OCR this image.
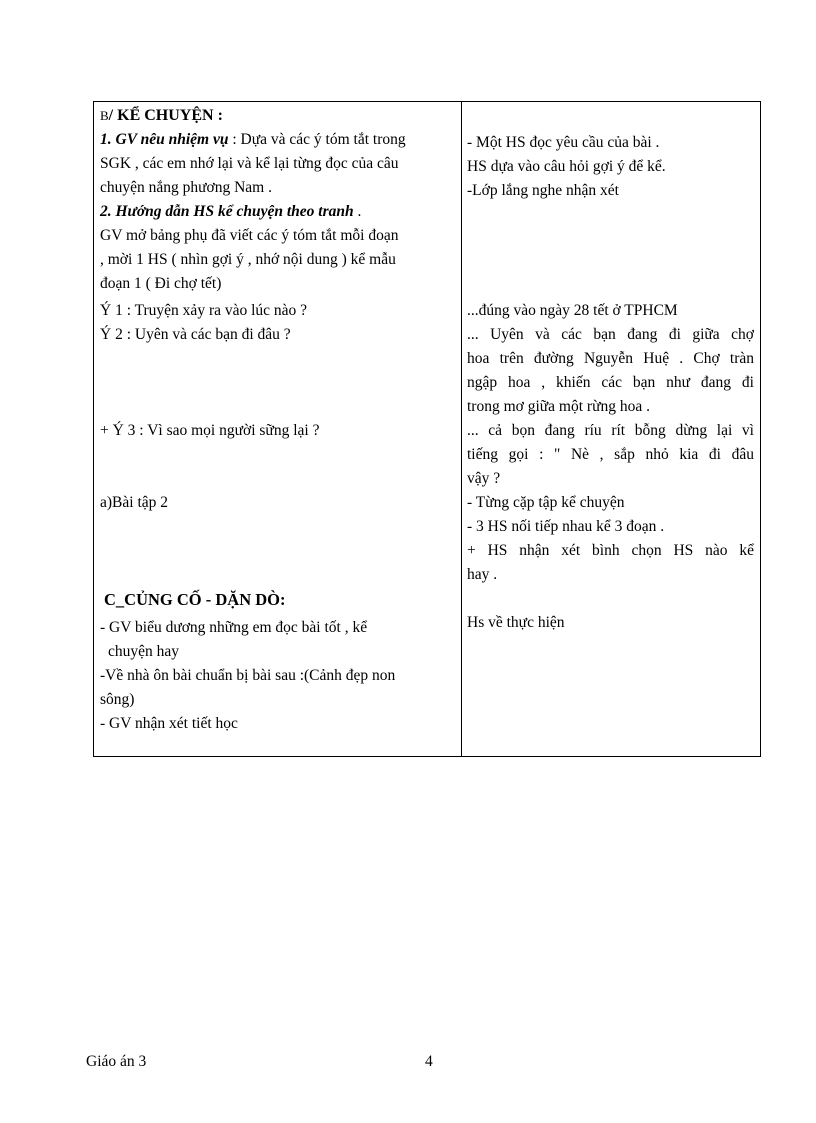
B/ KỂ CHUYỆN :
1. GV nêu nhiệm vụ : Dựa và các ý tóm tắt trong
SGK , các em nhớ lại và kể lại từng đọc của câu
chuyện nắng phương Nam .
2. Hướng dẫn HS kể chuyện theo tranh .
GV mở bảng phụ đã viết các ý tóm tắt mỗi đoạn
, mời 1 HS ( nhìn gợi ý , nhớ nội dung ) kể mẫu
đoạn 1 ( Đi chợ tết)
Ý 1 : Truyện xảy ra vào lúc nào ?
Ý 2 : Uyên và các bạn đi đâu ?
+ Ý 3 : Vì sao mọi người sững lại ?
a)Bài tập 2
C_CỦNG CỐ - DẶN DÒ:
- GV biểu dương những em đọc bài tốt , kể
chuyện hay
-Về nhà ôn bài chuẩn bị bài sau :(Cảnh đẹp non
sông)
- GV nhận xét tiết học
- Một HS đọc yêu cầu của bài .
HS dựa vào câu hỏi gợi ý để kể.
-Lớp lắng nghe nhận xét
...đúng vào ngày 28 tết ở TPHCM
... Uyên và các bạn đang đi giữa chợ
hoa trên đường Nguyễn Huệ . Chợ tràn
ngập hoa , khiến các bạn như đang đi
trong mơ giữa một rừng hoa .
... cả bọn đang ríu rít bỗng dừng lại vì
tiếng gọi : " Nè , sắp nhỏ kia đi đâu
vậy ?
- Từng cặp tập kể chuyện
- 3 HS nối tiếp nhau kể 3 đoạn .
+ HS nhận xét bình chọn HS nào kể
hay .
Hs về thực hiện
Giáo án 3	4
